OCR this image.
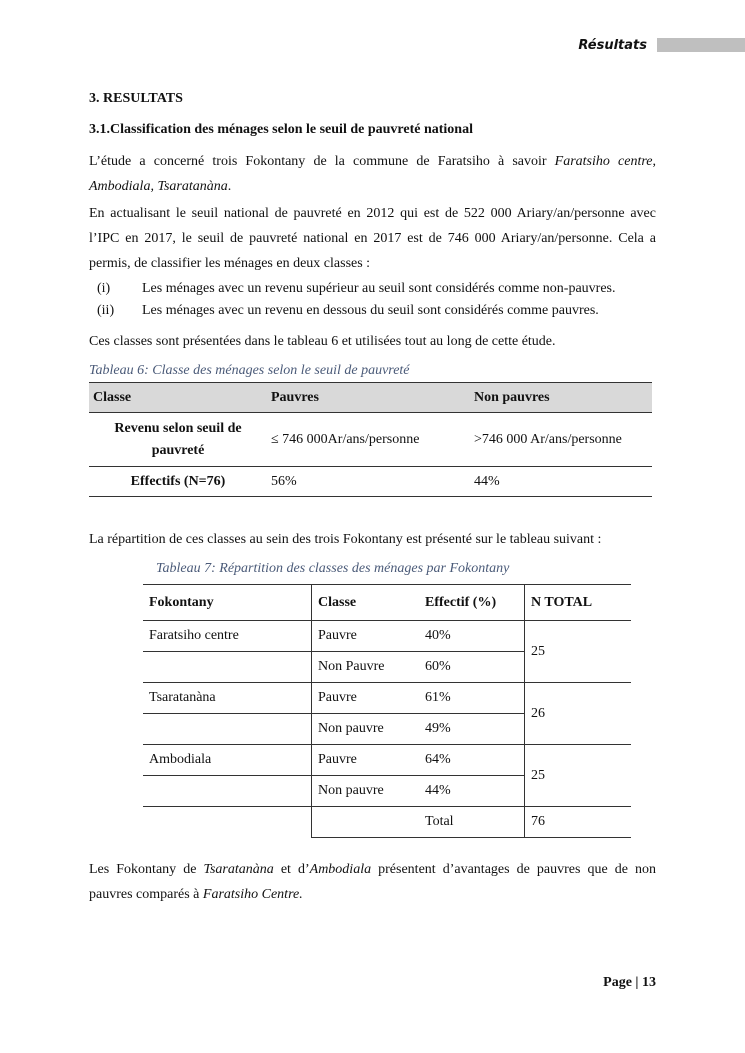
Résultats
3. RESULTATS
3.1.Classification des ménages selon le seuil de pauvreté national

L’étude a concerné trois Fokontany de la commune de Faratsiho à savoir Faratsiho centre, Ambodiala, Tsaratanàna.

En actualisant le seuil national de pauvreté en 2012 qui est de 522 000 Ariary/an/personne avec l’IPC en 2017, le seuil de pauvreté national en 2017 est de 746 000 Ariary/an/personne. Cela a permis, de classifier les ménages en deux classes :

(i) Les ménages avec un revenu supérieur au seuil sont considérés comme non-pauvres.
(ii) Les ménages avec un revenu en dessous du seuil sont considérés comme pauvres.

Ces classes sont présentées dans le tableau 6 et utilisées tout au long de cette étude.

Tableau 6: Classe des ménages selon le seuil de pauvreté
Classe	Pauvres	Non pauvres
Revenu selon seuil de pauvreté	≤ 746 000Ar/ans/personne	>746 000 Ar/ans/personne
Effectifs (N=76)	56%	44%

La répartition de ces classes au sein des trois Fokontany est présenté sur le tableau suivant :

Tableau 7: Répartition des classes des ménages par Fokontany
Fokontany	Classe	Effectif (%)	N TOTAL
Faratsiho centre	Pauvre	40%	25
	Non Pauvre	60%	
Tsaratanàna	Pauvre	61%	26
	Non pauvre	49%	
Ambodiala	Pauvre	64%	25
	Non pauvre	44%	
		Total	76

Les Fokontany de Tsaratanàna et d’Ambodiala présentent d’avantages de pauvres que de non pauvres comparés à Faratsiho Centre.

Page | 13
